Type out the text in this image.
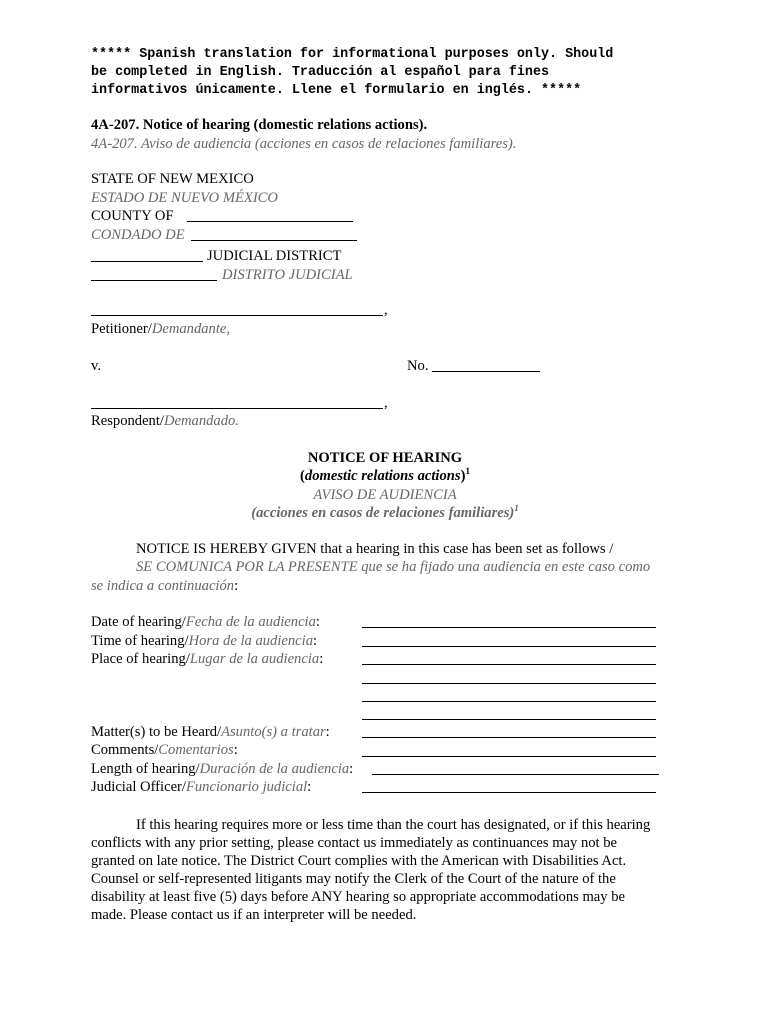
***** Spanish translation for informational purposes only. Should
be completed in English. Traducción al español para fines
informativos únicamente. Llene el formulario en inglés. *****
4A-207. Notice of hearing (domestic relations actions).
4A-207. Aviso de audiencia (acciones en casos de relaciones familiares).
STATE OF NEW MEXICO
ESTADO DE NUEVO MÉXICO
COUNTY OF
CONDADO DE
JUDICIAL DISTRICT
DISTRITO JUDICIAL
,
Petitioner/Demandante,
v.	No.
,
Respondent/Demandado.
NOTICE OF HEARING
(domestic relations actions)$^1$
AVISO DE AUDIENCIA
(acciones en casos de relaciones familiares)$^1$
NOTICE IS HEREBY GIVEN that a hearing in this case has been set as follows /
SE COMUNICA POR LA PRESENTE que se ha fijado una audiencia en este caso como
se indica a continuación:
Date of hearing/Fecha de la audiencia:
Time of hearing/Hora de la audiencia:
Place of hearing/Lugar de la audiencia:
Matter(s) to be Heard/Asunto(s) a tratar:
Comments/Comentarios:
Length of hearing/Duración de la audiencia:
Judicial Officer/Funcionario judicial:
If this hearing requires more or less time than the court has designated, or if this hearing
conflicts with any prior setting, please contact us immediately as continuances may not be
granted on late notice. The District Court complies with the American with Disabilities Act.
Counsel or self-represented litigants may notify the Clerk of the Court of the nature of the
disability at least five (5) days before ANY hearing so appropriate accommodations may be
made. Please contact us if an interpreter will be needed.
